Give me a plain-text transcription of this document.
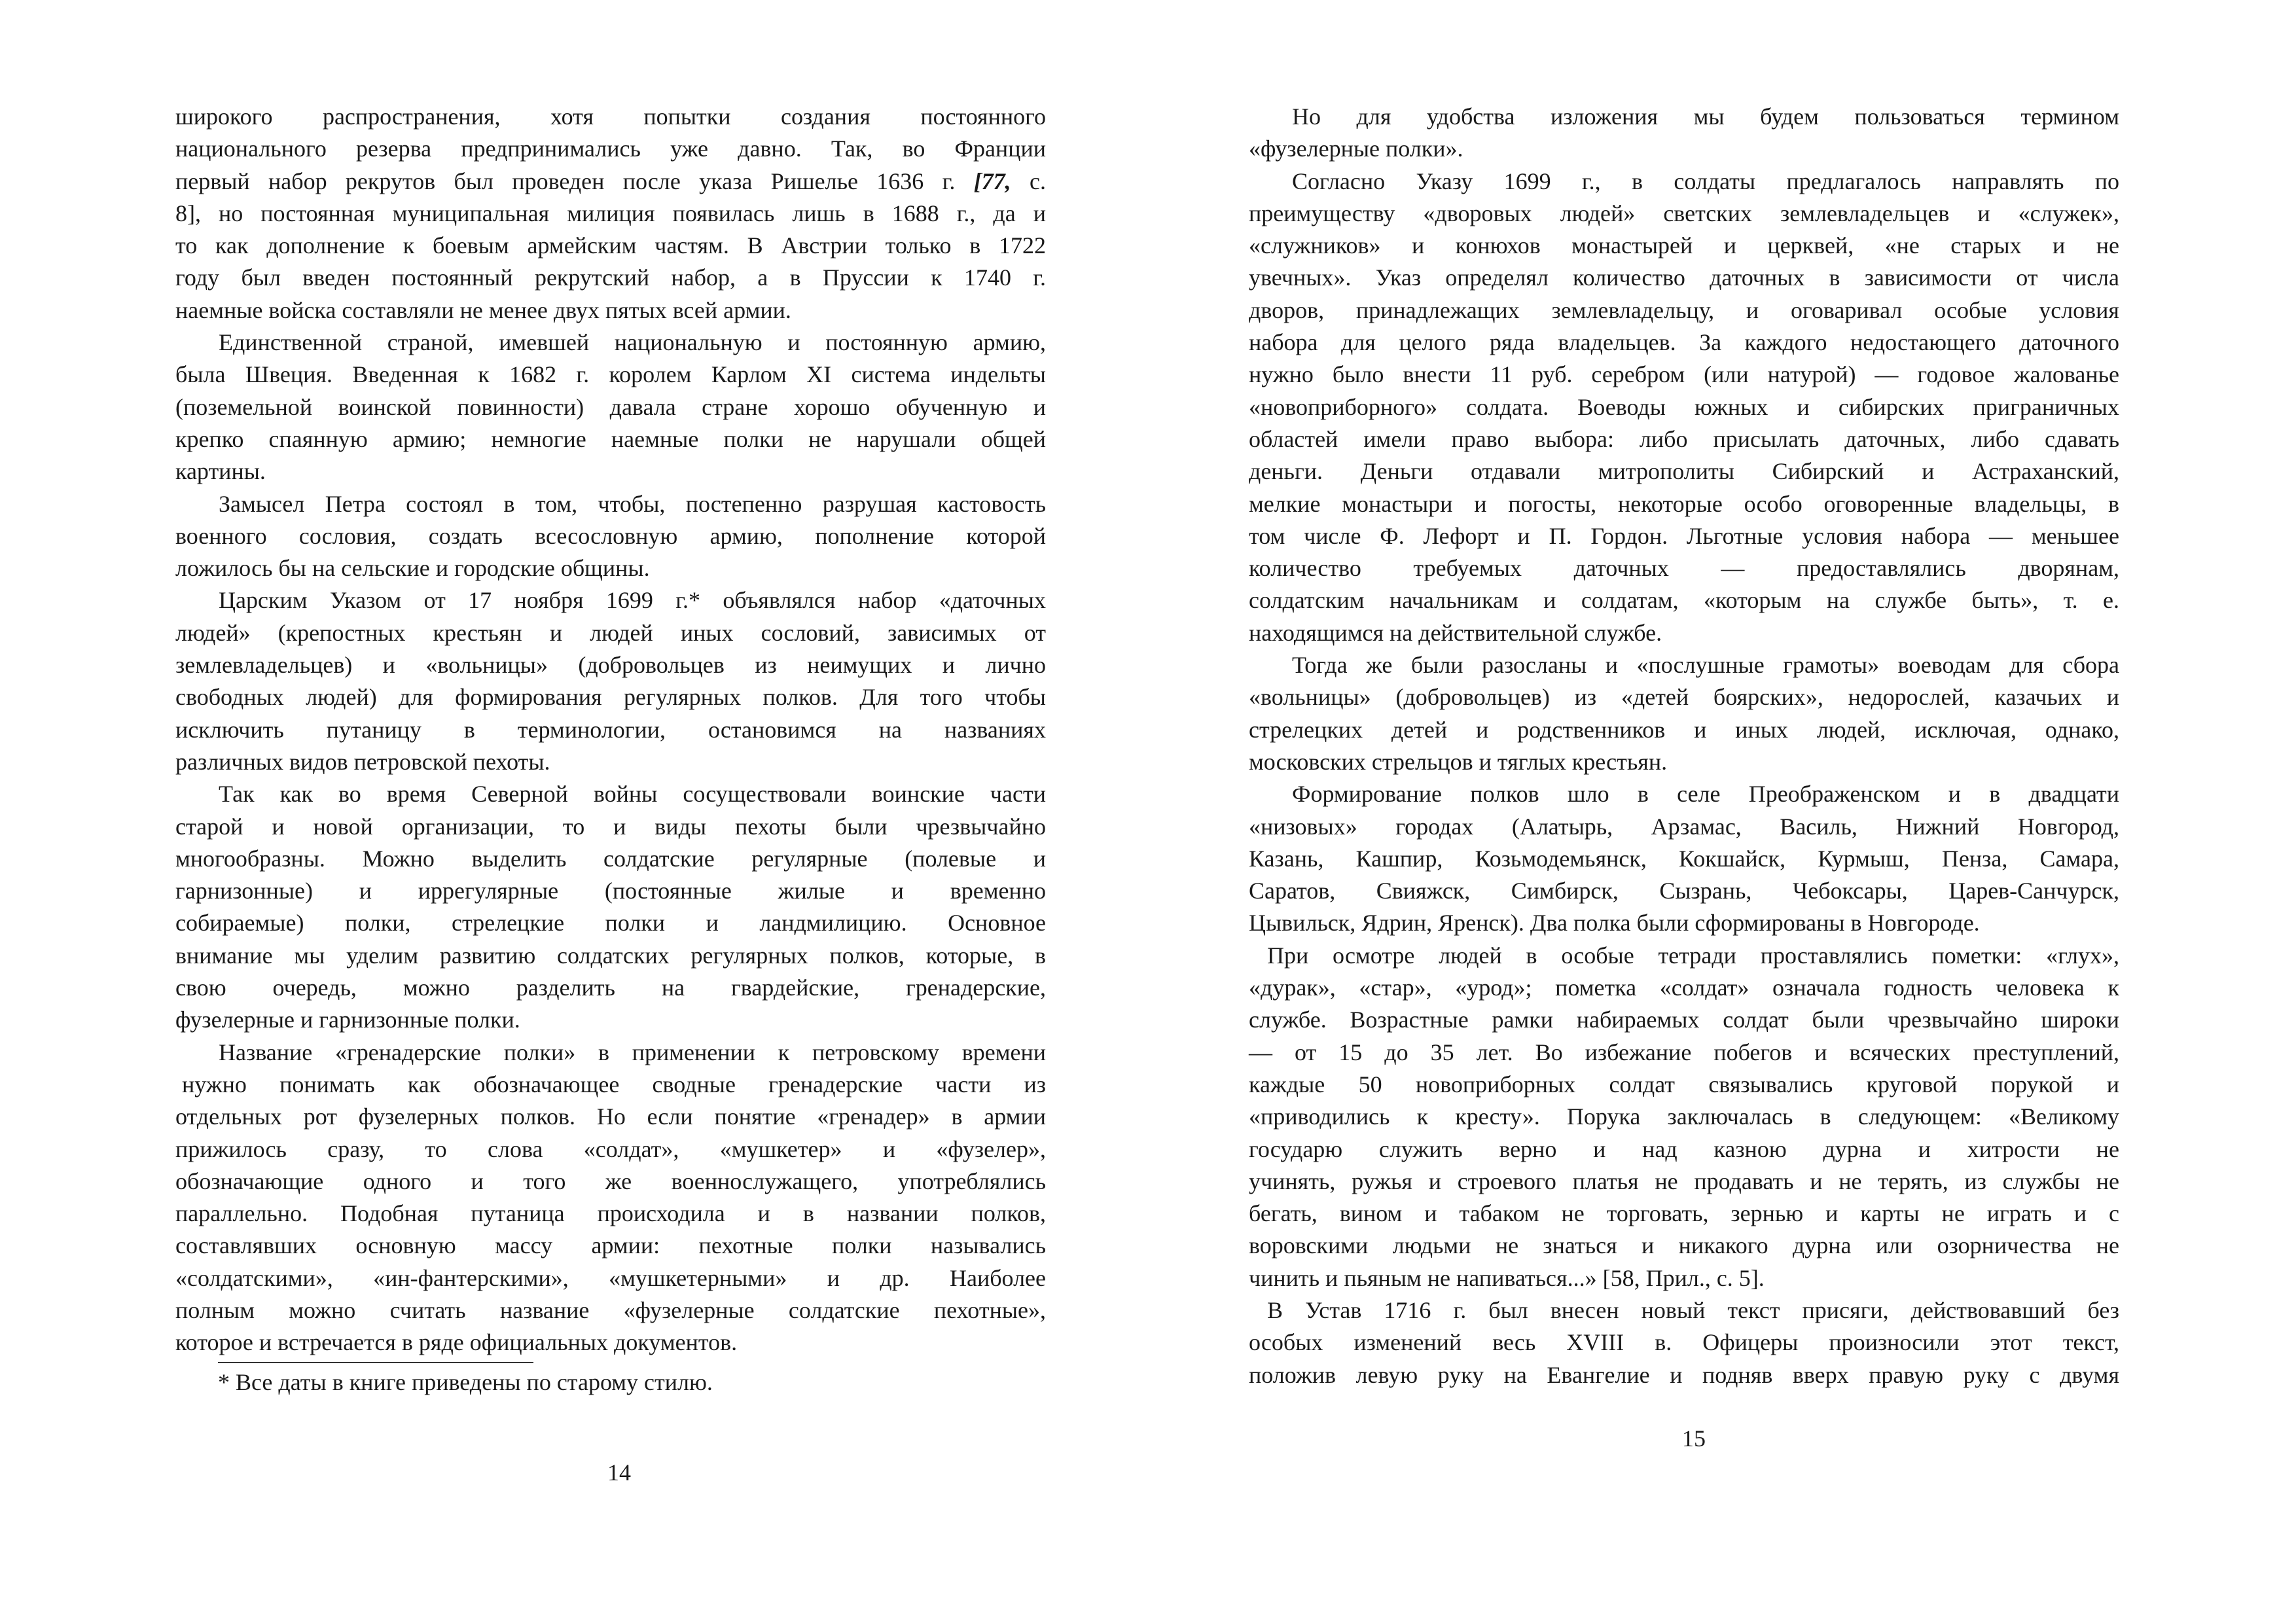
широкого распространения, хотя попытки создания постоянного
национального резерва предпринимались уже давно. Так, во Франции
первый набор рекрутов был проведен после указа Ришелье 1636 г. [77, с.
8], но постоянная муниципальная милиция появилась лишь в 1688 г., да и
то как дополнение к боевым армейским частям. В Австрии только в 1722
году был введен постоянный рекрутский набор, а в Пруссии к 1740 г.
наемные войска составляли не менее двух пятых всей армии.
Единственной страной, имевшей национальную и постоянную армию,
была Швеция. Введенная к 1682 г. королем Карлом XI система индельты
(поземельной воинской повинности) давала стране хорошо обученную и
крепко спаянную армию; немногие наемные полки не нарушали общей
картины.
Замысел Петра состоял в том, чтобы, постепенно разрушая кастовость
военного сословия, создать всесословную армию, пополнение которой
ложилось бы на сельские и городские общины.
Царским Указом от 17 ноября 1699 г.* объявлялся набор «даточных
людей» (крепостных крестьян и людей иных сословий, зависимых от
землевладельцев) и «вольницы» (добровольцев из неимущих и лично
свободных людей) для формирования регулярных полков. Для того чтобы
исключить путаницу в терминологии, остановимся на названиях
различных видов петровской пехоты.
Так как во время Северной войны сосуществовали воинские части
старой и новой организации, то и виды пехоты были чрезвычайно
многообразны. Можно выделить солдатские регулярные (полевые и
гарнизонные) и иррегулярные (постоянные жилые и временно
собираемые) полки, стрелецкие полки и ландмилицию. Основное
внимание мы уделим развитию солдатских регулярных полков, которые, в
свою очередь, можно разделить на гвардейские, гренадерские,
фузелерные и гарнизонные полки.
Название «гренадерские полки» в применении к петровскому времени
нужно понимать как обозначающее сводные гренадерские части из
отдельных рот фузелерных полков. Но если понятие «гренадер» в армии
прижилось сразу, то слова «солдат», «мушкетер» и «фузелер»,
обозначающие одного и того же военнослужащего, употреблялись
параллельно. Подобная путаница происходила и в названии полков,
составлявших основную массу армии: пехотные полки назывались
«солдатскими», «ин-фантерскими», «мушкетерными» и др. Наиболее
полным можно считать название «фузелерные солдатские пехотные»,
которое и встречается в ряде официальных документов.
* Все даты в книге приведены по старому стилю.
14
Но для удобства изложения мы будем пользоваться термином
«фузелерные полки».
Согласно Указу 1699 г., в солдаты предлагалось направлять по
преимуществу «дворовых людей» светских землевладельцев и «служек»,
«служников» и конюхов монастырей и церквей, «не старых и не
увечных». Указ определял количество даточных в зависимости от числа
дворов, принадлежащих землевладельцу, и оговаривал особые условия
набора для целого ряда владельцев. За каждого недостающего даточного
нужно было внести 11 руб. серебром (или натурой) — годовое жалованье
«новоприборного» солдата. Воеводы южных и сибирских приграничных
областей имели право выбора: либо присылать даточных, либо сдавать
деньги. Деньги отдавали митрополиты Сибирский и Астраханский,
мелкие монастыри и погосты, некоторые особо оговоренные владельцы, в
том числе Ф. Лефорт и П. Гордон. Льготные условия набора — меньшее
количество требуемых даточных — предоставлялись дворянам,
солдатским начальникам и солдатам, «которым на службе быть», т. е.
находящимся на действительной службе.
Тогда же были разосланы и «послушные грамоты» воеводам для сбора
«вольницы» (добровольцев) из «детей боярских», недорослей, казачьих и
стрелецких детей и родственников и иных людей, исключая, однако,
московских стрельцов и тяглых крестьян.
Формирование полков шло в селе Преображенском и в двадцати
«низовых» городах (Алатырь, Арзамас, Василь, Нижний Новгород,
Казань, Кашпир, Козьмодемьянск, Кокшайск, Курмыш, Пенза, Самара,
Саратов, Свияжск, Симбирск, Сызрань, Чебоксары, Царев-Санчурск,
Цывильск, Ядрин, Яренск). Два полка были сформированы в Новгороде.
При осмотре людей в особые тетради проставлялись пометки: «глух»,
«дурак», «стар», «урод»; пометка «солдат» означала годность человека к
службе. Возрастные рамки набираемых солдат были чрезвычайно широки
— от 15 до 35 лет. Во избежание побегов и всяческих преступлений,
каждые 50 новоприборных солдат связывались круговой порукой и
«приводились к кресту». Порука заключалась в следующем: «Великому
государю служить верно и над казною дурна и хитрости не
учинять, ружья и строевого платья не продавать и не терять, из службы не
бегать, вином и табаком не торговать, зернью и карты не играть и с
воровскими людьми не знаться и никакого дурна или озорничества не
чинить и пьяным не напиваться...» [58, Прил., с. 5].
В Устав 1716 г. был внесен новый текст присяги, действовавший без
особых изменений весь XVIII в. Офицеры произносили этот текст,
положив левую руку на Евангелие и подняв вверх правую руку с двумя
15
